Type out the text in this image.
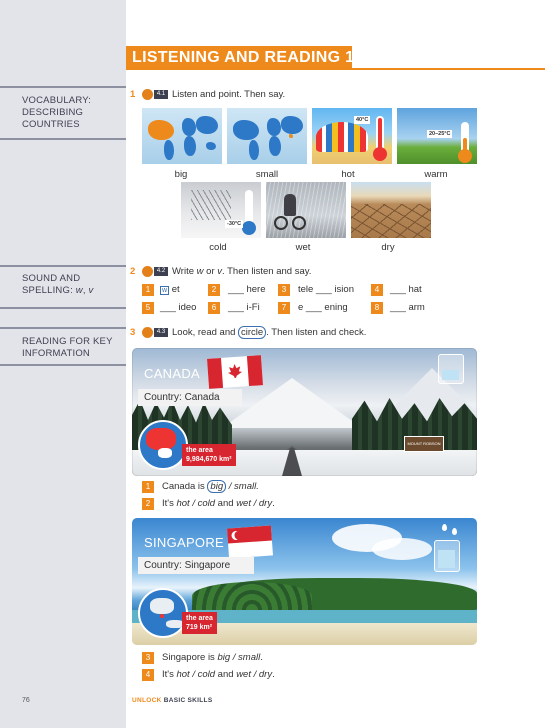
VOCABULARY: DESCRIBING COUNTRIES
SOUND AND
SPELLING: w, v
READING FOR KEY INFORMATION
LISTENING AND READING 1
1	4.1 Listen and point. Then say.
big	small
40°C
hot
20–25°C
warm
-30°C
cold	wet	dry
2	4.2 Write w or v. Then listen and say.
1	w et	2	___ here	3	tele ___ ision	4	___ hat
5	___ ideo	6	___ i-Fi	7	e ___ ening	8	___ arm
3	4.3 Look, read and circle . Then listen and check.
MOUNT ROBSON
CANADA
Country: Canada
the area
9,984,670 km²
1	Canada is big / small.
2	It's hot / cold and wet / dry.
SINGAPORE
Country: Singapore
the area
719 km²
3	Singapore is big / small.
4	It's hot / cold and wet / dry.
76	UNLOCK BASIC SKILLS
